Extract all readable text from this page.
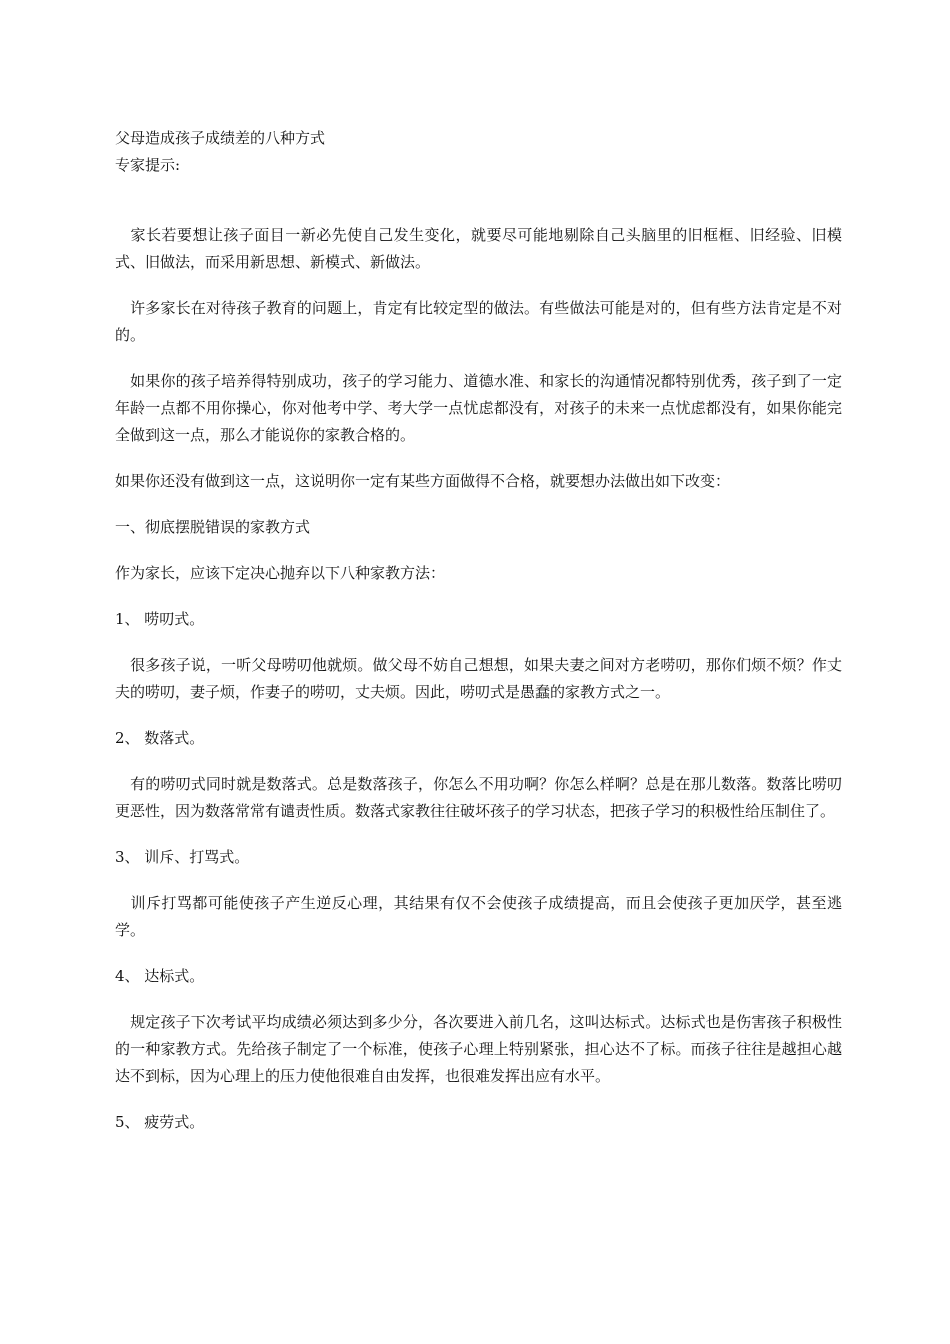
父母造成孩子成绩差的八种方式

专家提示:

　家长若要想让孩子面目一新必先使自己发生变化，就要尽可能地剔除自己头脑里的旧框框、旧经验、旧模式、旧做法，而采用新思想、新模式、新做法。

　许多家长在对待孩子教育的问题上，肯定有比较定型的做法。有些做法可能是对的，但有些方法肯定是不对的。

　如果你的孩子培养得特别成功，孩子的学习能力、道德水准、和家长的沟通情况都特别优秀，孩子到了一定年龄一点都不用你操心，你对他考中学、考大学一点忧虑都没有，对孩子的未来一点忧虑都没有，如果你能完全做到这一点，那么才能说你的家教合格的。

如果你还没有做到这一点，这说明你一定有某些方面做得不合格，就要想办法做出如下改变：

一、彻底摆脱错误的家教方式

作为家长，应该下定决心抛弃以下八种家教方法：

1、 唠叨式。

　很多孩子说，一听父母唠叨他就烦。做父母不妨自己想想，如果夫妻之间对方老唠叨，那你们烦不烦？作丈夫的唠叨，妻子烦，作妻子的唠叨，丈夫烦。因此，唠叨式是愚蠢的家教方式之一。

2、 数落式。

　有的唠叨式同时就是数落式。总是数落孩子，你怎么不用功啊？你怎么样啊？总是在那儿数落。数落比唠叨更恶性，因为数落常常有谴责性质。数落式家教往往破坏孩子的学习状态，把孩子学习的积极性给压制住了。

3、 训斥、打骂式。

　训斥打骂都可能使孩子产生逆反心理，其结果有仅不会使孩子成绩提高，而且会使孩子更加厌学，甚至逃学。

4、 达标式。

　规定孩子下次考试平均成绩必须达到多少分，各次要进入前几名，这叫达标式。达标式也是伤害孩子积极性的一种家教方式。先给孩子制定了一个标准，使孩子心理上特别紧张，担心达不了标。而孩子往往是越担心越达不到标，因为心理上的压力使他很难自由发挥，也很难发挥出应有水平。

5、 疲劳式。
